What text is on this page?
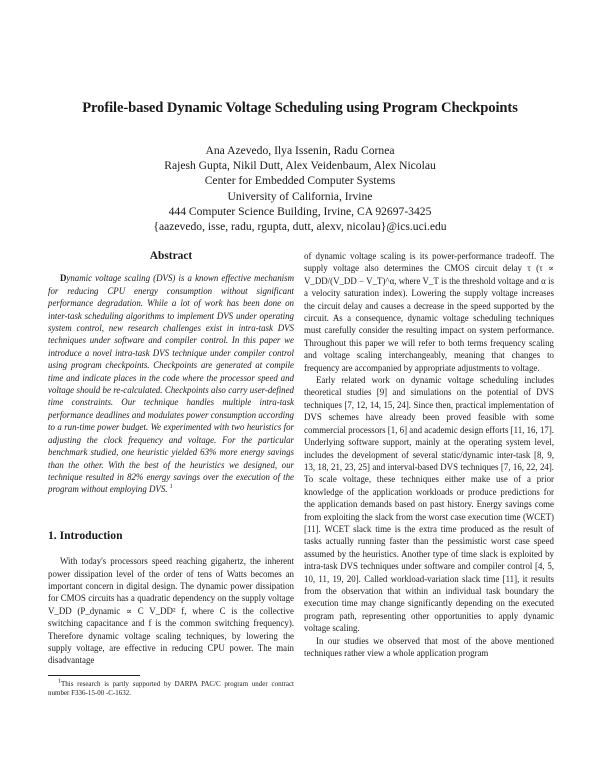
Profile-based Dynamic Voltage Scheduling using Program Checkpoints
Ana Azevedo, Ilya Issenin, Radu Cornea
Rajesh Gupta, Nikil Dutt, Alex Veidenbaum, Alex Nicolau
Center for Embedded Computer Systems
University of California, Irvine
444 Computer Science Building, Irvine, CA 92697-3425
{aazevedo, isse, radu, rgupta, dutt, alexv, nicolau}@ics.uci.edu
Abstract

Dynamic voltage scaling (DVS) is a known effective mechanism for reducing CPU energy consumption without significant performance degradation. While a lot of work has been done on inter-task scheduling algorithms to implement DVS under operating system control, new research challenges exist in intra-task DVS techniques under software and compiler control. In this paper we introduce a novel intra-task DVS technique under compiler control using program checkpoints. Checkpoints are generated at compile time and indicate places in the code where the processor speed and voltage should be re-calculated. Checkpoints also carry user-defined time constraints. Our technique handles multiple intra-task performance deadlines and modulates power consumption according to a run-time power budget. We experimented with two heuristics for adjusting the clock frequency and voltage. For the particular benchmark studied, one heuristic yielded 63% more energy savings than the other. With the best of the heuristics we designed, our technique resulted in 82% energy savings over the execution of the program without employing DVS. $^1$

1. Introduction

With today's processors speed reaching gigahertz, the inherent power dissipation level of the order of tens of Watts becomes an important concern in digital design. The dynamic power dissipation for CMOS circuits has a quadratic dependency on the supply voltage V_DD (P_dynamic ∝ C V_DD² f, where C is the collective switching capacitance and f is the common switching frequency). Therefore dynamic voltage scaling techniques, by lowering the supply voltage, are effective in reducing CPU power. The main disadvantage

$^1$This research is partly supported by DARPA PAC/C program under contract number F336-15-00 -C-1632.

of dynamic voltage scaling is its power-performance tradeoff. The supply voltage also determines the CMOS circuit delay τ (τ ∝ V_DD/(V_DD − V_T)^α, where V_T is the threshold voltage and α is a velocity saturation index). Lowering the supply voltage increases the circuit delay and causes a decrease in the speed supported by the circuit. As a consequence, dynamic voltage scheduling techniques must carefully consider the resulting impact on system performance. Throughout this paper we will refer to both terms frequency scaling and voltage scaling interchangeably, meaning that changes to frequency are accompanied by appropriate adjustments to voltage.

Early related work on dynamic voltage scheduling includes theoretical studies [9] and simulations on the potential of DVS techniques [7, 12, 14, 15, 24]. Since then, practical implementation of DVS schemes have already been proved feasible with some commercial processors [1, 6] and academic design efforts [11, 16, 17]. Underlying software support, mainly at the operating system level, includes the development of several static/dynamic inter-task [8, 9, 13, 18, 21, 23, 25] and interval-based DVS techniques [7, 16, 22, 24]. To scale voltage, these techniques either make use of a prior knowledge of the application workloads or produce predictions for the application demands based on past history. Energy savings come from exploiting the slack from the worst case execution time (WCET) [11]. WCET slack time is the extra time produced as the result of tasks actually running faster than the pessimistic worst case speed assumed by the heuristics. Another type of time slack is exploited by intra-task DVS techniques under software and compiler control [4, 5, 10, 11, 19, 20]. Called workload-variation slack time [11], it results from the observation that within an individual task boundary the execution time may change significantly depending on the executed program path, representing other opportunities to apply dynamic voltage scaling.

In our studies we observed that most of the above mentioned techniques rather view a whole application program
